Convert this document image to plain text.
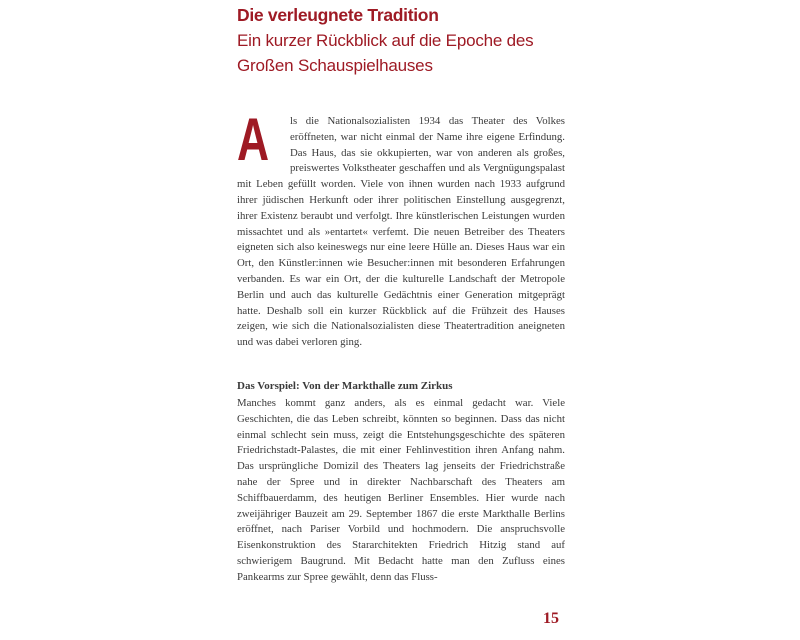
Die verleugnete Tradition
Ein kurzer Rückblick auf die Epoche des Großen Schauspielhauses

A ls die Nationalsozialisten 1934 das Theater des Volkes eröffneten, war nicht einmal der Name ihre eigene Erfindung. Das Haus, das sie okkupierten, war von anderen als großes, preiswertes Volkstheater geschaffen und als Vergnügungspalast mit Leben gefüllt worden. Viele von ihnen wurden nach 1933 aufgrund ihrer jüdischen Herkunft oder ihrer politischen Einstellung ausgegrenzt, ihrer Existenz beraubt und verfolgt. Ihre künstlerischen Leistungen wurden missachtet und als »entartet« verfemt. Die neuen Betreiber des Theaters eigneten sich also keineswegs nur eine leere Hülle an. Dieses Haus war ein Ort, den Künstler:innen wie Besucher:innen mit besonderen Erfahrungen verbanden. Es war ein Ort, der die kulturelle Landschaft der Metropole Berlin und auch das kulturelle Gedächtnis einer Generation mitgeprägt hatte. Deshalb soll ein kurzer Rückblick auf die Frühzeit des Hauses zeigen, wie sich die Nationalsozialisten diese Theatertradition aneigneten und was dabei verloren ging.

Das Vorspiel: Von der Markthalle zum Zirkus

Manches kommt ganz anders, als es einmal gedacht war. Viele Geschichten, die das Leben schreibt, könnten so beginnen. Dass das nicht einmal schlecht sein muss, zeigt die Entstehungsgeschichte des späteren Friedrichstadt-Palastes, die mit einer Fehlinvestition ihren Anfang nahm. Das ursprüngliche Domizil des Theaters lag jenseits der Friedrichstraße nahe der Spree und in direkter Nachbarschaft des Theaters am Schiffbauerdamm, des heutigen Berliner Ensembles. Hier wurde nach zweijähriger Bauzeit am 29. September 1867 die erste Markthalle Berlins eröffnet, nach Pariser Vorbild und hochmodern. Die anspruchsvolle Eisenkonstruktion des Stararchitekten Friedrich Hitzig stand auf schwierigem Baugrund. Mit Bedacht hatte man den Zufluss eines Pankearms zur Spree gewählt, denn das Fluss-

15
